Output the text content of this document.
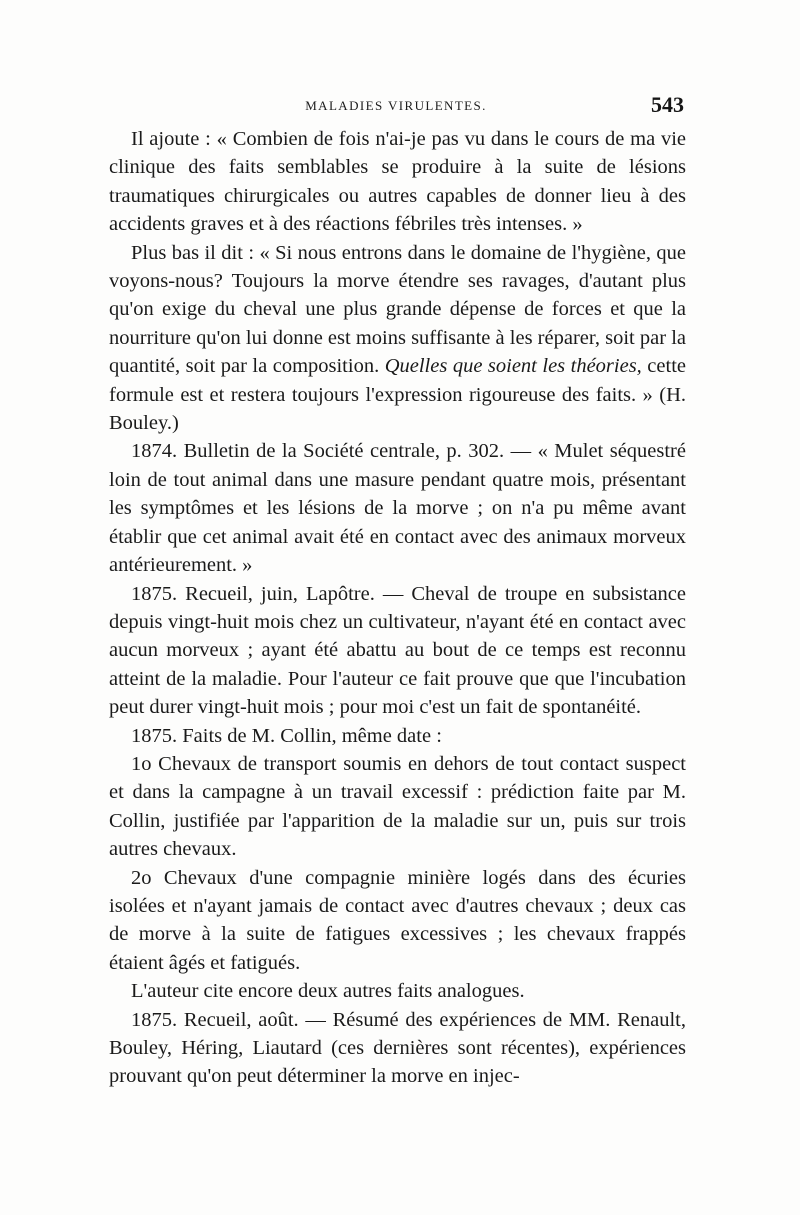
MALADIES VIRULENTES.	543

Il ajoute : « Combien de fois n'ai-je pas vu dans le cours de ma vie clinique des faits semblables se produire à la suite de lésions traumatiques chirurgicales ou autres capables de donner lieu à des accidents graves et à des réactions fébriles très intenses. »

Plus bas il dit : « Si nous entrons dans le domaine de l'hygiène, que voyons-nous? Toujours la morve étendre ses ravages, d'autant plus qu'on exige du cheval une plus grande dépense de forces et que la nourriture qu'on lui donne est moins suffisante à les réparer, soit par la quantité, soit par la composition. Quelles que soient les théories, cette formule est et restera toujours l'expression rigoureuse des faits. » (H. Bouley.)

1874. Bulletin de la Société centrale, p. 302. — « Mulet séquestré loin de tout animal dans une masure pendant quatre mois, présentant les symptômes et les lésions de la morve ; on n'a pu même avant établir que cet animal avait été en contact avec des animaux morveux antérieurement. »

1875. Recueil, juin, Lapôtre. — Cheval de troupe en subsistance depuis vingt-huit mois chez un cultivateur, n'ayant été en contact avec aucun morveux ; ayant été abattu au bout de ce temps est reconnu atteint de la maladie. Pour l'auteur ce fait prouve que que l'incubation peut durer vingt-huit mois ; pour moi c'est un fait de spontanéité.

1875. Faits de M. Collin, même date :

1o Chevaux de transport soumis en dehors de tout contact suspect et dans la campagne à un travail excessif : prédiction faite par M. Collin, justifiée par l'apparition de la maladie sur un, puis sur trois autres chevaux.

2o Chevaux d'une compagnie minière logés dans des écuries isolées et n'ayant jamais de contact avec d'autres chevaux ; deux cas de morve à la suite de fatigues excessives ; les chevaux frappés étaient âgés et fatigués.

L'auteur cite encore deux autres faits analogues.

1875. Recueil, août. — Résumé des expériences de MM. Renault, Bouley, Héring, Liautard (ces dernières sont récentes), expériences prouvant qu'on peut déterminer la morve en injec-
